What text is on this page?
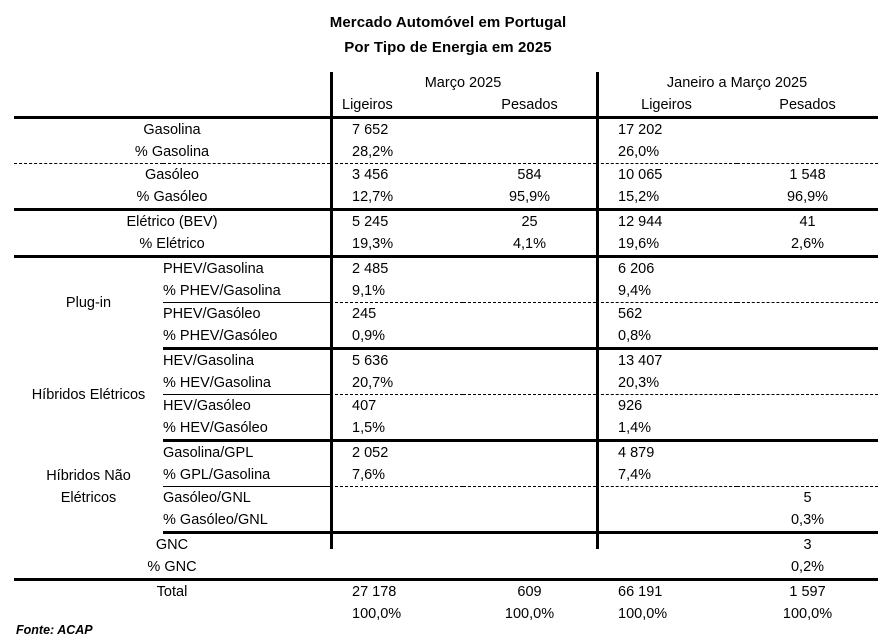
Mercado Automóvel em Portugal
Por Tipo de Energia em 2025
		Março 2025		Janeiro a Março 2025	
		Ligeiros	Pesados	Ligeiros	Pesados
Gasolina		7 652		17 202	
% Gasolina		28,2%		26,0%	
Gasóleo		3 456	584	10 065	1 548
% Gasóleo		12,7%	95,9%	15,2%	96,9%
Elétrico (BEV)		5 245	25	12 944	41
% Elétrico		19,3%	4,1%	19,6%	2,6%
Plug-in	PHEV/Gasolina	2 485		6 206	
	% PHEV/Gasolina	9,1%		9,4%	
	PHEV/Gasóleo	245		562	
	% PHEV/Gasóleo	0,9%		0,8%	
Híbridos Elétricos	HEV/Gasolina	5 636		13 407	
	% HEV/Gasolina	20,7%		20,3%	
	HEV/Gasóleo	407		926	
	% HEV/Gasóleo	1,5%		1,4%	

Híbridos Não
Elétricos	Gasolina/GPL	2 052		4 879	
	% GPL/Gasolina	7,6%		7,4%	
	Gasóleo/GNL				5
	% Gasóleo/GNL				0,3%
GNC					3
% GNC					0,2%
Total		27 178	609	66 191	1 597
		100,0%	100,0%	100,0%	100,0%
Fonte: ACAP
